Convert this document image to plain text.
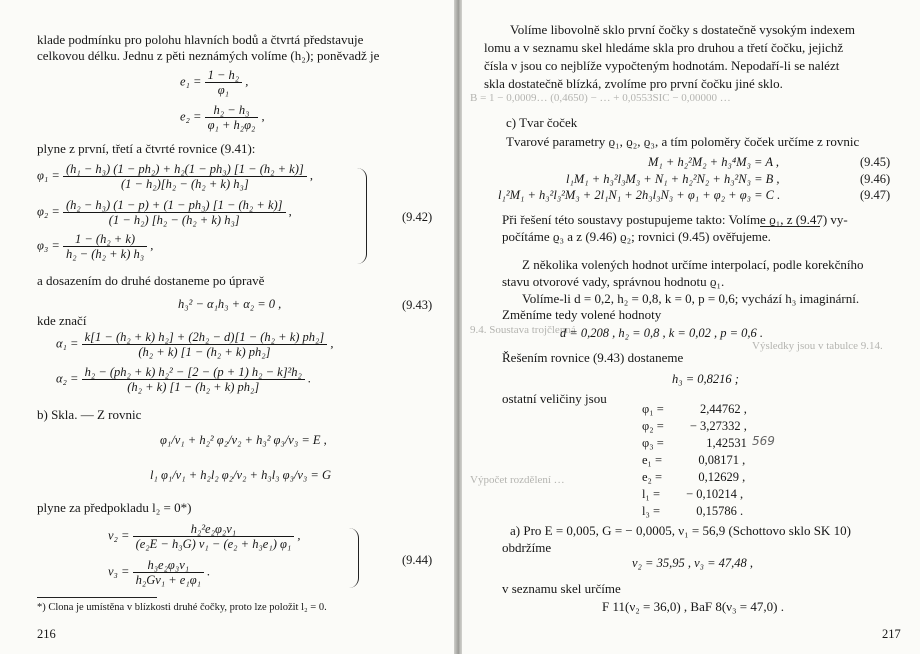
klade podmínku pro polohu hlavních bodů a čtvrtá představuje
celkovou délku. Jednu z pěti neznámých volíme (h₂); poněvadž je
$e_1 = \frac{\text{1 − h₂}}{\text{φ₁}}$ ,
$e_2 = \frac{\text{h₂ − h₃}}{\text{φ₁ + h₂φ₂}}$ ,
plyne z první, třetí a čtvrté rovnice (9.41):
$\varphi_1 = \frac{\text{(h₁ − h₃) (1 − ph₂) + h₂(1 − ph₃) [1 − (h₂ + k)]}}{\text{(1 − h₂)[h₂ − (h₂ + k) h₃]}}$ ,
$\varphi_2 = \frac{\text{(h₂ − h₃) (1 − p) + (1 − ph₃) [1 − (h₂ + k)]}}{\text{(1 − h₂) [h₂ − (h₂ + k) h₃]}}$ ,
$\varphi_3 = \frac{\text{1 − (h₂ + k)}}{\text{h₂ − (h₂ + k) h₃}}$ ,
(9.42)
a dosazením do druhé dostaneme po úpravě
h₃² − α₁h₃ + α₂ = 0 ,	(9.43)
kde značí
$\alpha_1 = \frac{\text{k[1 − (h₂ + k) h₂] + (2h₂ − d)[1 − (h₂ + k) ph₂]}}{\text{(h₂ + k) [1 − (h₂ + k) ph₂]}}$ ,
$\alpha_2 = \frac{\text{h₂ − (ph₂ + k) h₂² − [2 − (p + 1) h₂ − k]²h₂}}{\text{(h₂ + k) [1 − (h₂ + k) ph₂]}}$ .
b) Skla. — Z rovnic
φ₁/ν₁ + h₂² φ₂/ν₂ + h₃² φ₃/ν₃ = E ,
l₁ φ₁/ν₁ + h₂l₂ φ₂/ν₂ + h₃l₃ φ₃/ν₃ = G
plyne za předpokladu l₂ = 0*)
$\nu_2 = \frac{\text{h₂²e₂φ₂ν₁}}{\text{(e₂E − h₃G) ν₁ − (e₂ + h₃e₁) φ₁}}$ ,
$\nu_3 = \frac{\text{h₃e₂φ₃ν₁}}{\text{h₂Gν₁ + e₁φ₁}}$ .
(9.44)
*) Clona je umístěna v blízkosti druhé čočky, proto lze položit l₂ = 0.
216
B = 1 − 0,0009… (0,4650) − … + 0,0553SIC − 0,00000 …
Výsledky jsou v tabulce 9.14.
9.4. Soustava trojčlenná
Výpočet rozdělení …
Volíme libovolně sklo první čočky s dostatečně vysokým indexem
lomu a v seznamu skel hledáme skla pro druhou a třetí čočku, jejichž
čísla ν jsou co nejblíže vypočteným hodnotám. Nepodaří-li se nalézt
skla dostatečně blízká, zvolíme pro první čočku jiné sklo.
c) Tvar čoček
Tvarové parametry ϱ₁, ϱ₂, ϱ₃, a tím poloměry čoček určíme z rovnic
M₁ + h₂²M₂ + h₃⁴M₃ = A ,	(9.45)
l₁M₁ + h₃²l₃M₃ + N₁ + h₂²N₂ + h₃²N₃ = B ,	(9.46)
l₁²M₁ + h₃²l₃²M₃ + 2l₁N₁ + 2h₃l₃N₃ + φ₁ + φ₂ + φ₃ = C .	(9.47)
Při řešení této soustavy postupujeme takto: Volíme ϱ₁, z (9.47) vy-
počítáme ϱ₃ a z (9.46) ϱ₂; rovnici (9.45) ověřujeme.
Z několika volených hodnot určíme interpolací, podle korekčního
stavu otvorové vady, správnou hodnotu ϱ₁.
Volíme-li d = 0,2, h₂ = 0,8, k = 0, p = 0,6; vychází h₃ imaginární.
Změníme tedy volené hodnoty
d = 0,208 , h₂ = 0,8 , k = 0,02 , p = 0,6 .
Řešením rovnice (9.43) dostaneme
h₃ = 0,8216 ;
ostatní veličiny jsou
φ₁ =	2,44762 ,
φ₂ = − 3,27332 ,
φ₃ =	1,42531
e₁ =	0,08171 ,
e₂ =	0,12629 ,
l₁ = − 0,10214 ,
l₃ =	0,15786 .
569
a) Pro E = 0,005, G = − 0,0005, ν₁ = 56,9 (Schottovo sklo SK 10)
obdržíme
ν₂ = 35,95 , ν₃ = 47,48 ,
v seznamu skel určíme
F 11(ν₂ = 36,0) , BaF 8(ν₃ = 47,0) .
217
